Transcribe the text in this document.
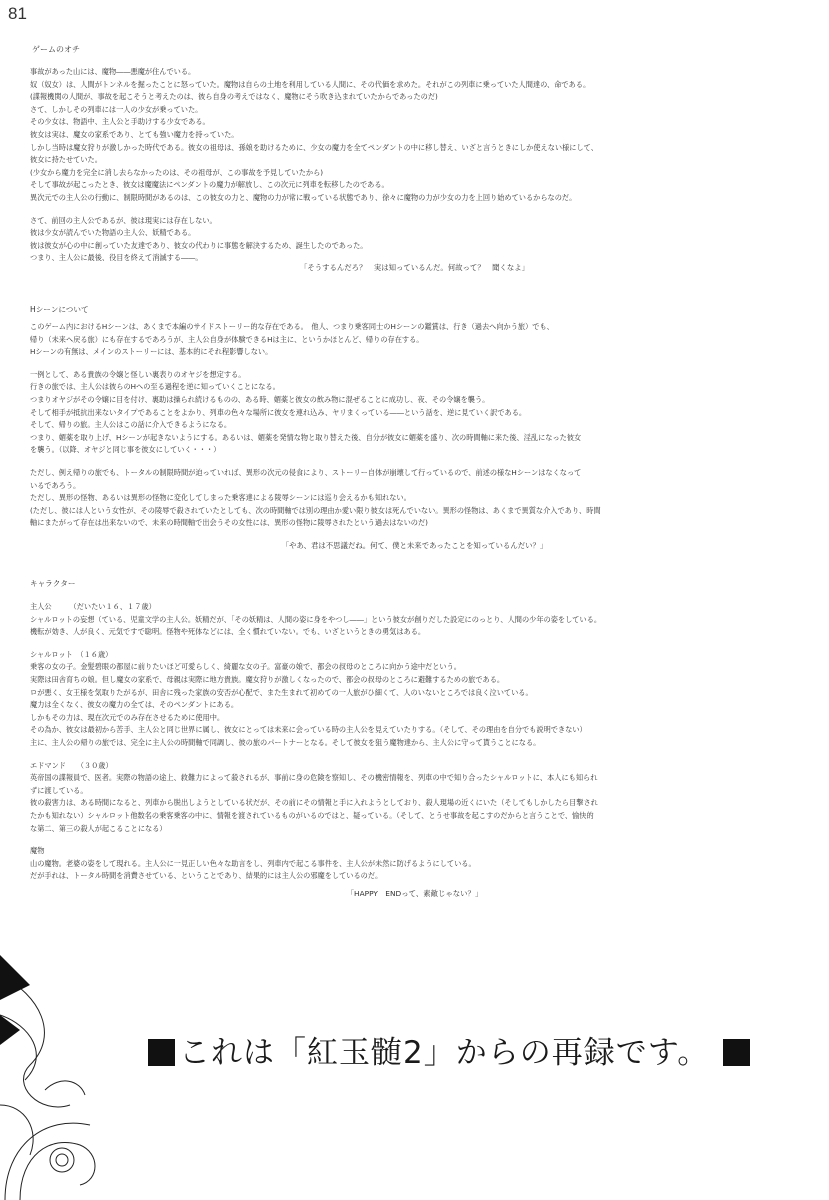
81
ゲームのオチ

事故があった山には、魔物――悪魔が住んでいる。

奴（奴女）は、人間がトンネルを掘ったことに怒っていた。魔物は自らの土地を利用している人間に、その代価を求めた。それがこの列車に乗っていた人間達の、命である。

(諜報機関の人間が、事故を起こそうと考えたのは、彼ら自身の考えではなく、魔物にそう吹き込まれていたからであったのだ)

さて、しかしその列車には一人の少女が乗っていた。

その少女は、物語中、主人公と手助けする少女である。

彼女は実は、魔女の家系であり、とても強い魔力を持っていた。

しかし当時は魔女狩りが激しかった時代である。彼女の祖母は、孫娘を助けるために、少女の魔力を全てペンダントの中に移し替え、いざと言うときにしか使えない様にして、

彼女に持たせていた。

(少女から魔力を完全に消し去らなかったのは、その祖母が、この事故を予見していたから)

そして事故が起こったとき、彼女は魔魔法にペンダントの魔力が解放し、この次元に列車を転移したのである。

異次元での主人公の行動に、制限時間があるのは、この彼女の力と、魔物の力が常に戦っている状態であり、徐々に魔物の力が少女の力を上回り始めているからなのだ。

さて、前回の主人公であるが、彼は現実には存在しない。

彼は少女が読んでいた物語の主人公、妖精である。

彼は彼女が心の中に創っていた友達であり、彼女の代わりに事態を解決するため、誕生したのであった。

つまり、主人公に最後、役目を終えて消滅する――。

「そうするんだろ？　実は知っているんだ。何故って？　聞くなよ」
Hシーンについて

このゲーム内におけるHシーンは、あくまで本編のサイドストーリー的な存在である。　他人、つまり乗客同士のHシーンの鑑賞は、行き（過去へ向かう旅）でも、

帰り（未来へ戻る旅）にも存在するであろうが、主人公自身が体験できるHは主に、というかほとんど、帰りの存在する。

Hシーンの有無は、メインのストーリーには、基本的にそれ程影響しない。

一例として、ある貴族の令嬢と怪しい裏表りのオヤジを想定する。

行きの旅では、主人公は彼らのHへの至る過程を逆に知っていくことになる。

つまりオヤジがその令嬢に目を付け、裏助は操られ続けるものの、ある時、媚薬と彼女の飲み物に混ぜることに成功し、夜、その令嬢を襲う。

そして相手が抵抗出来ないタイプであることをよかり、列車の色々な場所に彼女を連れ込み、ヤリまくっている――という話を、逆に見ていく訳である。

そして、帰りの旅。主人公はこの話に介入できるようになる。

つまり、媚薬を取り上げ、Hシーンが起きないようにする。あるいは、媚薬を発情な物と取り替えた後、自分が彼女に媚薬を盛り、次の時間軸に来た後、淫乱になった彼女

を襲う。（以降、オヤジと同じ事を彼女にしていく・・・）

ただし、例え帰りの旅でも、トータルの制限時間が迫っていれば、異形の次元の侵食により、ストーリー自体が崩壊して行っているので、前述の様なHシーンはなくなって

いるであろう。

ただし、異形の怪物、あるいは異形の怪物に変化してしまった乗客達による陵辱シーンには巡り会えるかも知れない。

(ただし、彼には人という女性が、その陵辱で殺されていたとしても、次の時間軸では別の理由か愛い限り彼女は死んでいない。異形の怪物は、あくまで異質な介入であり、時間

軸にまたがって存在は出来ないので、未来の時間軸で出会うその女性には、異形の怪物に陵辱されたという過去はないのだ)

「やあ、君は不思議だね。何て、僕と未来であったことを知っているんだい？」
キャラクター

主人公　　　（だいたい１６、１７歳）

シャルロットの妄想（ている、児童文学の主人公。妖精だが、「その妖精は、人間の姿に身をやつし――」という彼女が創りだした設定にのっとり、人間の少年の姿をしている。

機転が効き、人が良く、元気ですで聡明。怪物や死体などには、全く慣れていない。でも、いざというときの勇気はある。

シャルロット　（１６歳）

乗客の女の子。金髪碧眼の都屋に前りたいほど可愛らしく、綺麗な女の子。富豪の娘で、都会の叔母のところに向かう途中だという。

実際は田舎育ちの娘。但し魔女の家系で、母親は実際に地方貴族。魔女狩りが激しくなったので、都会の叔母のところに避難するための旅である。

ロが悪く、女王様を気取りたがるが、田舎に残った家族の安否が心配で、また生まれて初めての一人旅がひ細くて、人のいないところでは良く泣いている。

魔力は全くなく、彼女の魔力の全ては、そのペンダントにある。

しかもその力は、現在次元でのみ存在させるために使用中。

その為か、彼女は最初から苦手、主人公と同じ世界に属し、彼女にとっては未来に会っている時の主人公を見えていたりする。（そして、その理由を自分でも説明できない）

主に、主人公の帰りの旅では、完全に主人公の時間軸で同調し、彼の旅のパートナーとなる。そして彼女を狙う魔物達から、主人公に守って貰うことになる。

エドマンド　　（３０歳）

英帝国の諜報員で、医者。実際の物語の途上、救難力によって殺されるが、事前に身の危険を察知し、その機密情報を、列車の中で知り合ったシャルロットに、本人にも知られ

ずに渡している。

彼の殺害力は、ある時間になると、列車から脱出しようとしている状だが、その前にその情報と手に入れようとしており、殺人現場の近くにいた（そしてもしかしたら目撃され

たかも知れない）シャルロット他数名の乗客乗客の中に、情報を渡されているものがいるのではと、疑っている。（そして、とうせ事故を起こすのだからと言うことで、愉快的

な第二、第三の殺人が起こることになる）

魔物

山の魔物。老婆の姿をして現れる。主人公に一見正しい色々な助言をし、列車内で起こる事件を、主人公が未然に防げるようにしている。

だが手れは、トータル時間を消費させている、ということであり、結果的には主人公の邪魔をしているのだ。

「HAPPY　ENDって、素敵じゃない？」
これは「紅玉髄2」からの再録です。
